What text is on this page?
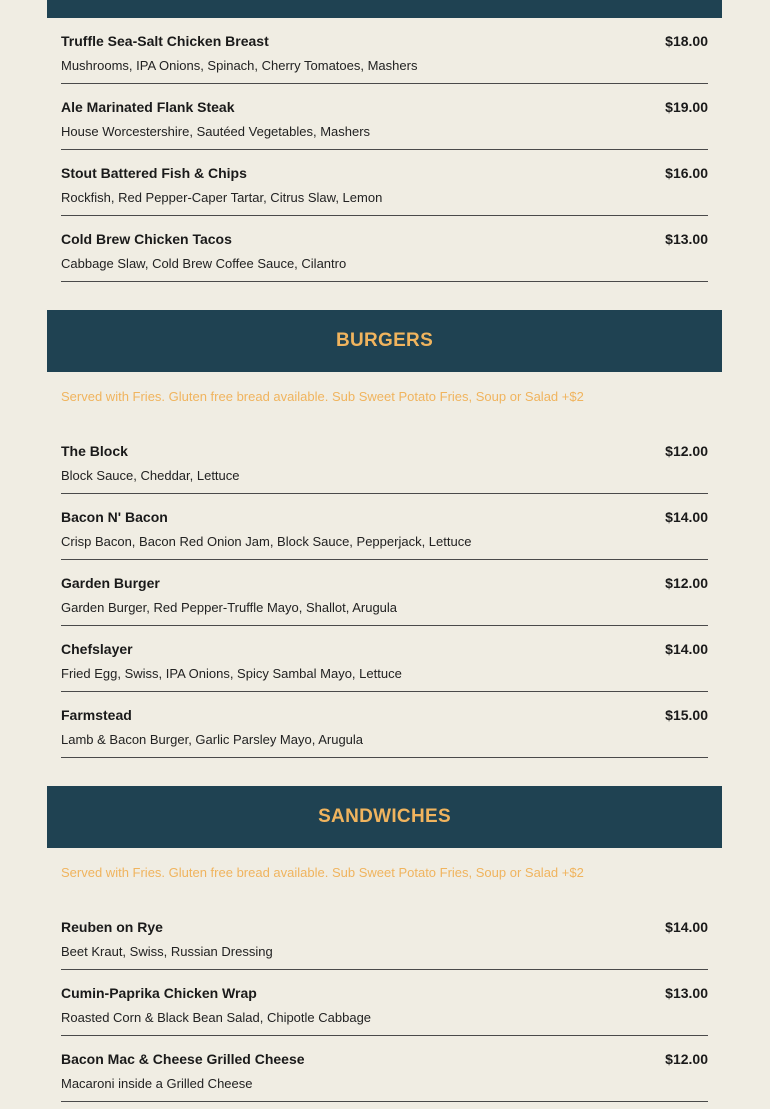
Truffle Sea-Salt Chicken Breast	$18.00
Mushrooms, IPA Onions, Spinach, Cherry Tomatoes, Mashers
Ale Marinated Flank Steak	$19.00
House Worcestershire, Sautéed Vegetables, Mashers
Stout Battered Fish & Chips	$16.00
Rockfish, Red Pepper-Caper Tartar, Citrus Slaw, Lemon
Cold Brew Chicken Tacos	$13.00
Cabbage Slaw, Cold Brew Coffee Sauce, Cilantro
BURGERS
Served with Fries. Gluten free bread available. Sub Sweet Potato Fries, Soup or Salad +$2
The Block	$12.00
Block Sauce, Cheddar, Lettuce
Bacon N' Bacon	$14.00
Crisp Bacon, Bacon Red Onion Jam, Block Sauce, Pepperjack, Lettuce
Garden Burger	$12.00
Garden Burger, Red Pepper-Truffle Mayo, Shallot, Arugula
Chefslayer	$14.00
Fried Egg, Swiss, IPA Onions, Spicy Sambal Mayo, Lettuce
Farmstead	$15.00
Lamb & Bacon Burger, Garlic Parsley Mayo, Arugula
SANDWICHES
Served with Fries. Gluten free bread available. Sub Sweet Potato Fries, Soup or Salad +$2
Reuben on Rye	$14.00
Beet Kraut, Swiss, Russian Dressing
Cumin-Paprika Chicken Wrap	$13.00
Roasted Corn & Black Bean Salad, Chipotle Cabbage
Bacon Mac & Cheese Grilled Cheese	$12.00
Macaroni inside a Grilled Cheese
